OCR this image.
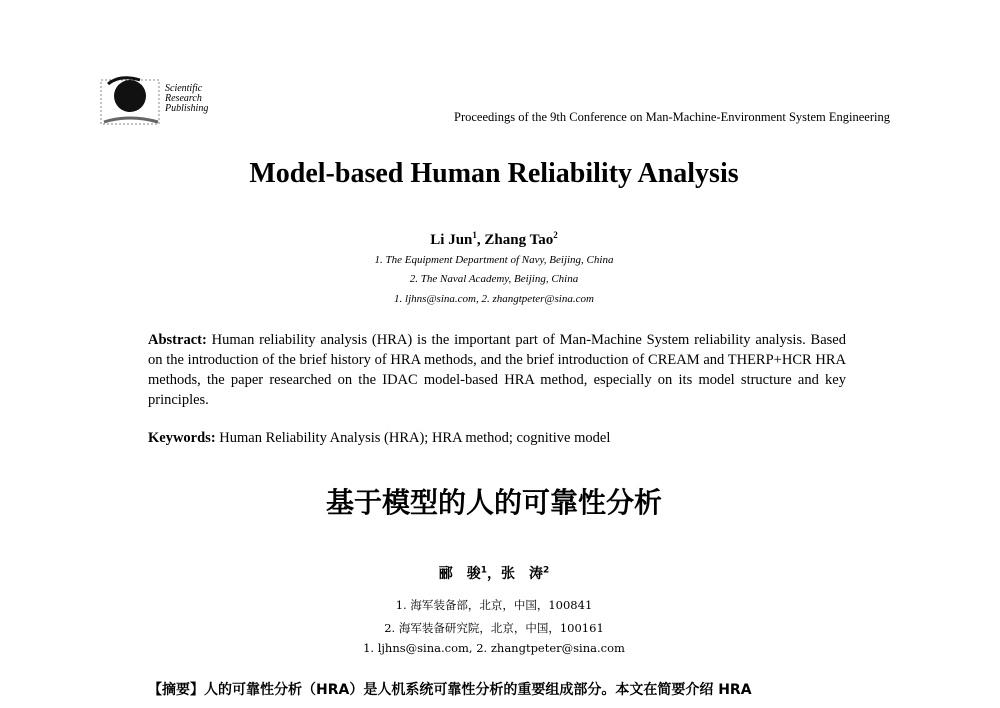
Scientific
Research
Publishing
Proceedings of the 9th Conference on Man-Machine-Environment System Engineering
Model-based Human Reliability Analysis
Li Jun$^1$, Zhang Tao$^2$
1. The Equipment Department of Navy, Beijing, China
2. The Naval Academy, Beijing, China
1. ljhns@sina.com, 2. zhangtpeter@sina.com
Abstract: Human reliability analysis (HRA) is the important part of Man-Machine System reliability analysis. Based on the introduction of the brief history of HRA methods, and the brief introduction of CREAM and THERP+HCR HRA methods, the paper researched on the IDAC model-based HRA method, especially on its model structure and key principles.
Keywords: Human Reliability Analysis (HRA); HRA method; cognitive model
基于模型的人的可靠性分析
郦　骏$^1$，张　涛$^2$
1. 海军装备部，北京，中国，100841
2. 海军装备研究院，北京，中国，100161
1. ljhns@sina.com, 2. zhangtpeter@sina.com
【摘要】人的可靠性分析（HRA）是人机系统可靠性分析的重要组成部分。本文在简要介绍 HRA
